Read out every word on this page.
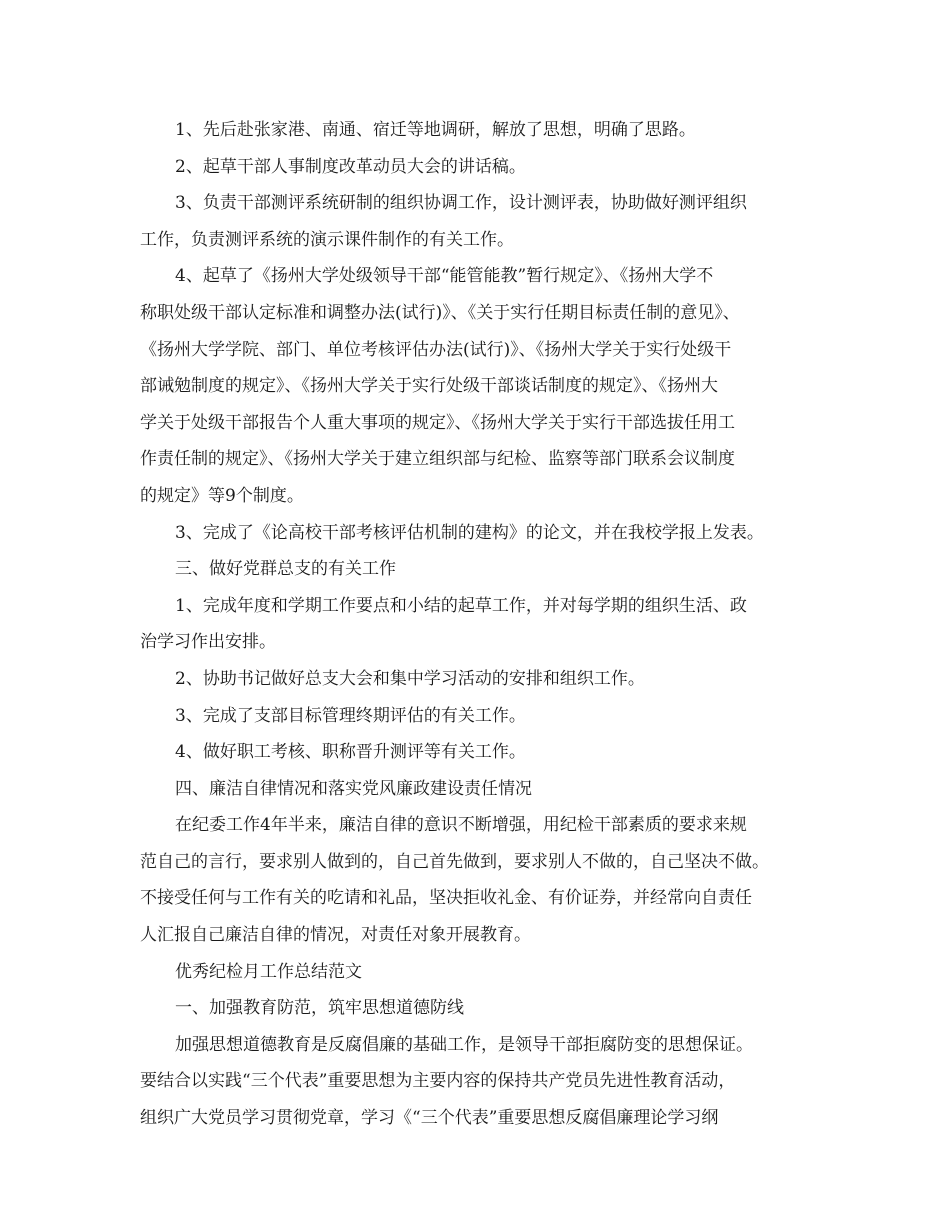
1、先后赴张家港、南通、宿迁等地调研，解放了思想，明确了思路。
2、起草干部人事制度改革动员大会的讲话稿。
3、负责干部测评系统研制的组织协调工作，设计测评表，协助做好测评组织
工作，负责测评系统的演示课件制作的有关工作。
4、起草了《扬州大学处级领导干部“能管能教”暂行规定》、《扬州大学不
称职处级干部认定标准和调整办法(试行)》、《关于实行任期目标责任制的意见》、
《扬州大学学院、部门、单位考核评估办法(试行)》、《扬州大学关于实行处级干
部诫勉制度的规定》、《扬州大学关于实行处级干部谈话制度的规定》、《扬州大
学关于处级干部报告个人重大事项的规定》、《扬州大学关于实行干部选拔任用工
作责任制的规定》、《扬州大学关于建立组织部与纪检、监察等部门联系会议制度
的规定》等9个制度。
3、完成了《论高校干部考核评估机制的建构》的论文，并在我校学报上发表。
三、做好党群总支的有关工作
1、完成年度和学期工作要点和小结的起草工作，并对每学期的组织生活、政
治学习作出安排。
2、协助书记做好总支大会和集中学习活动的安排和组织工作。
3、完成了支部目标管理终期评估的有关工作。
4、做好职工考核、职称晋升测评等有关工作。
四、廉洁自律情况和落实党风廉政建设责任情况
在纪委工作4年半来，廉洁自律的意识不断增强，用纪检干部素质的要求来规
范自己的言行，要求别人做到的，自己首先做到，要求别人不做的，自己坚决不做。
不接受任何与工作有关的吃请和礼品，坚决拒收礼金、有价证券，并经常向自责任
人汇报自己廉洁自律的情况，对责任对象开展教育。
优秀纪检月工作总结范文
一、加强教育防范，筑牢思想道德防线
加强思想道德教育是反腐倡廉的基础工作，是领导干部拒腐防变的思想保证。
要结合以实践“三个代表”重要思想为主要内容的保持共产党员先进性教育活动，
组织广大党员学习贯彻党章，学习《“三个代表”重要思想反腐倡廉理论学习纲
